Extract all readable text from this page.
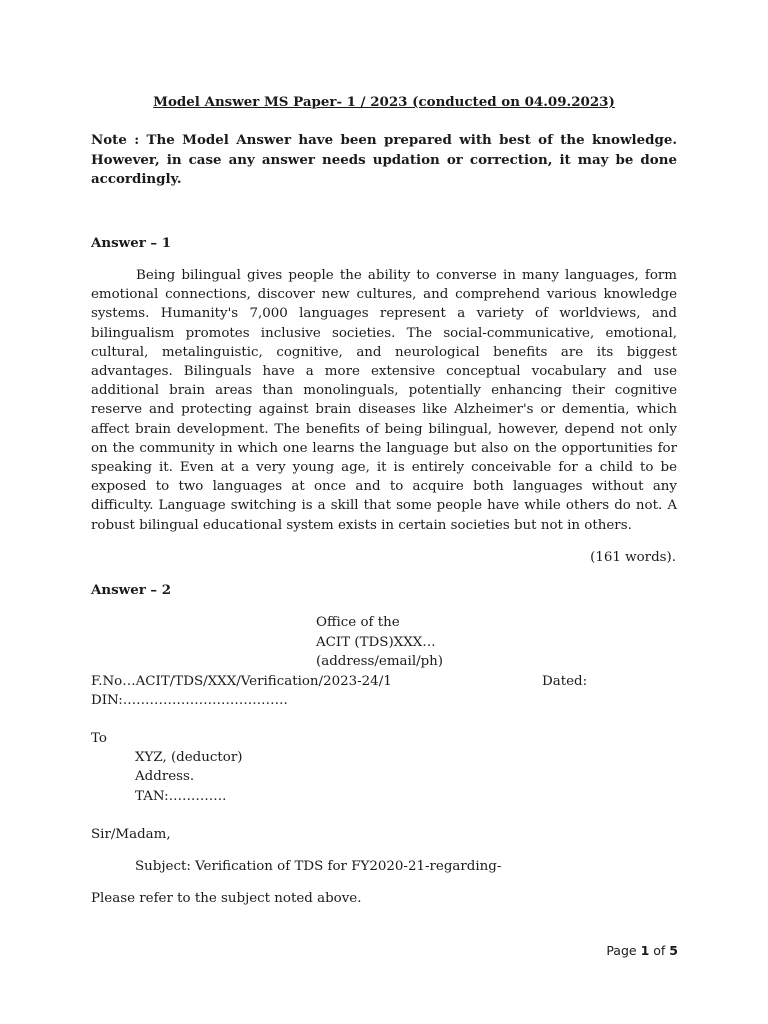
Model Answer MS Paper- 1 / 2023 (conducted on 04.09.2023)
Note : The Model Answer have been prepared with best of the knowledge. However, in case any answer needs updation or correction, it may be done accordingly.
Answer – 1
Being bilingual gives people the ability to converse in many languages, form emotional connections, discover new cultures, and comprehend various knowledge systems. Humanity's 7,000 languages represent a variety of worldviews, and bilingualism promotes inclusive societies. The social-communicative, emotional, cultural, metalinguistic, cognitive, and neurological benefits are its biggest advantages. Bilinguals have a more extensive conceptual vocabulary and use additional brain areas than monolinguals, potentially enhancing their cognitive reserve and protecting against brain diseases like Alzheimer's or dementia, which affect brain development. The benefits of being bilingual, however, depend not only on the community in which one learns the language but also on the opportunities for speaking it. Even at a very young age, it is entirely conceivable for a child to be exposed to two languages at once and to acquire both languages without any difficulty. Language switching is a skill that some people have while others do not. A robust bilingual educational system exists in certain societies but not in others.
(161 words).
Answer – 2
Office of the
ACIT (TDS)XXX…
(address/email/ph)
F.No…ACIT/TDS/XXX/Verification/2023-24/1	Dated:
DIN:……………………………….
To
XYZ, (deductor)
Address.
TAN:………….
Sir/Madam,
Subject: Verification of TDS for FY2020-21-regarding-
Please refer to the subject noted above.
Page 1 of 5
